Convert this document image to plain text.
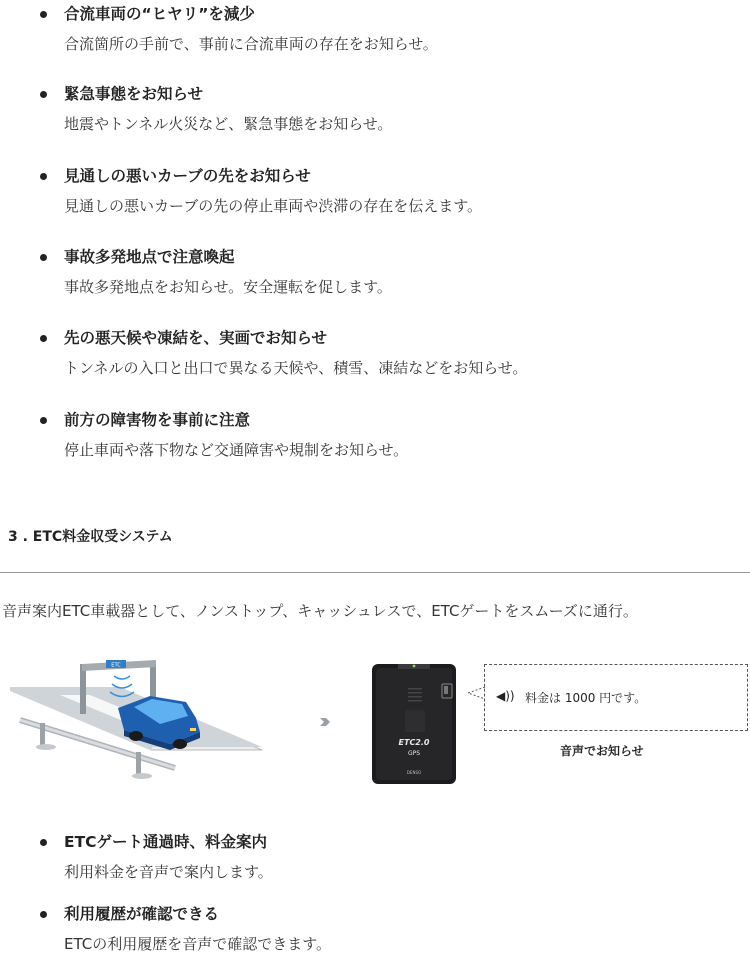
合流車両の“ヒヤリ”を減少
合流箇所の手前で、事前に合流車両の存在をお知らせ。
緊急事態をお知らせ
地震やトンネル火災など、緊急事態をお知らせ。
見通しの悪いカーブの先をお知らせ
見通しの悪いカーブの先の停止車両や渋滞の存在を伝えます。
事故多発地点で注意喚起
事故多発地点をお知らせ。安全運転を促します。
先の悪天候や凍結を、実画でお知らせ
トンネルの入口と出口で異なる天候や、積雪、凍結などをお知らせ。
前方の障害物を事前に注意
停止車両や落下物など交通障害や規制をお知らせ。
3 . ETC料金収受システム
音声案内ETC車載器として、ノンストップ、キャッシュレスで、ETCゲートをスムーズに通行。
ETC
ETC2.0
GPS
DENSO
◀)) 料金は 1000 円です。
音声でお知らせ
ETCゲート通過時、料金案内
利用料金を音声で案内します。
利用履歴が確認できる
ETCの利用履歴を音声で確認できます。
